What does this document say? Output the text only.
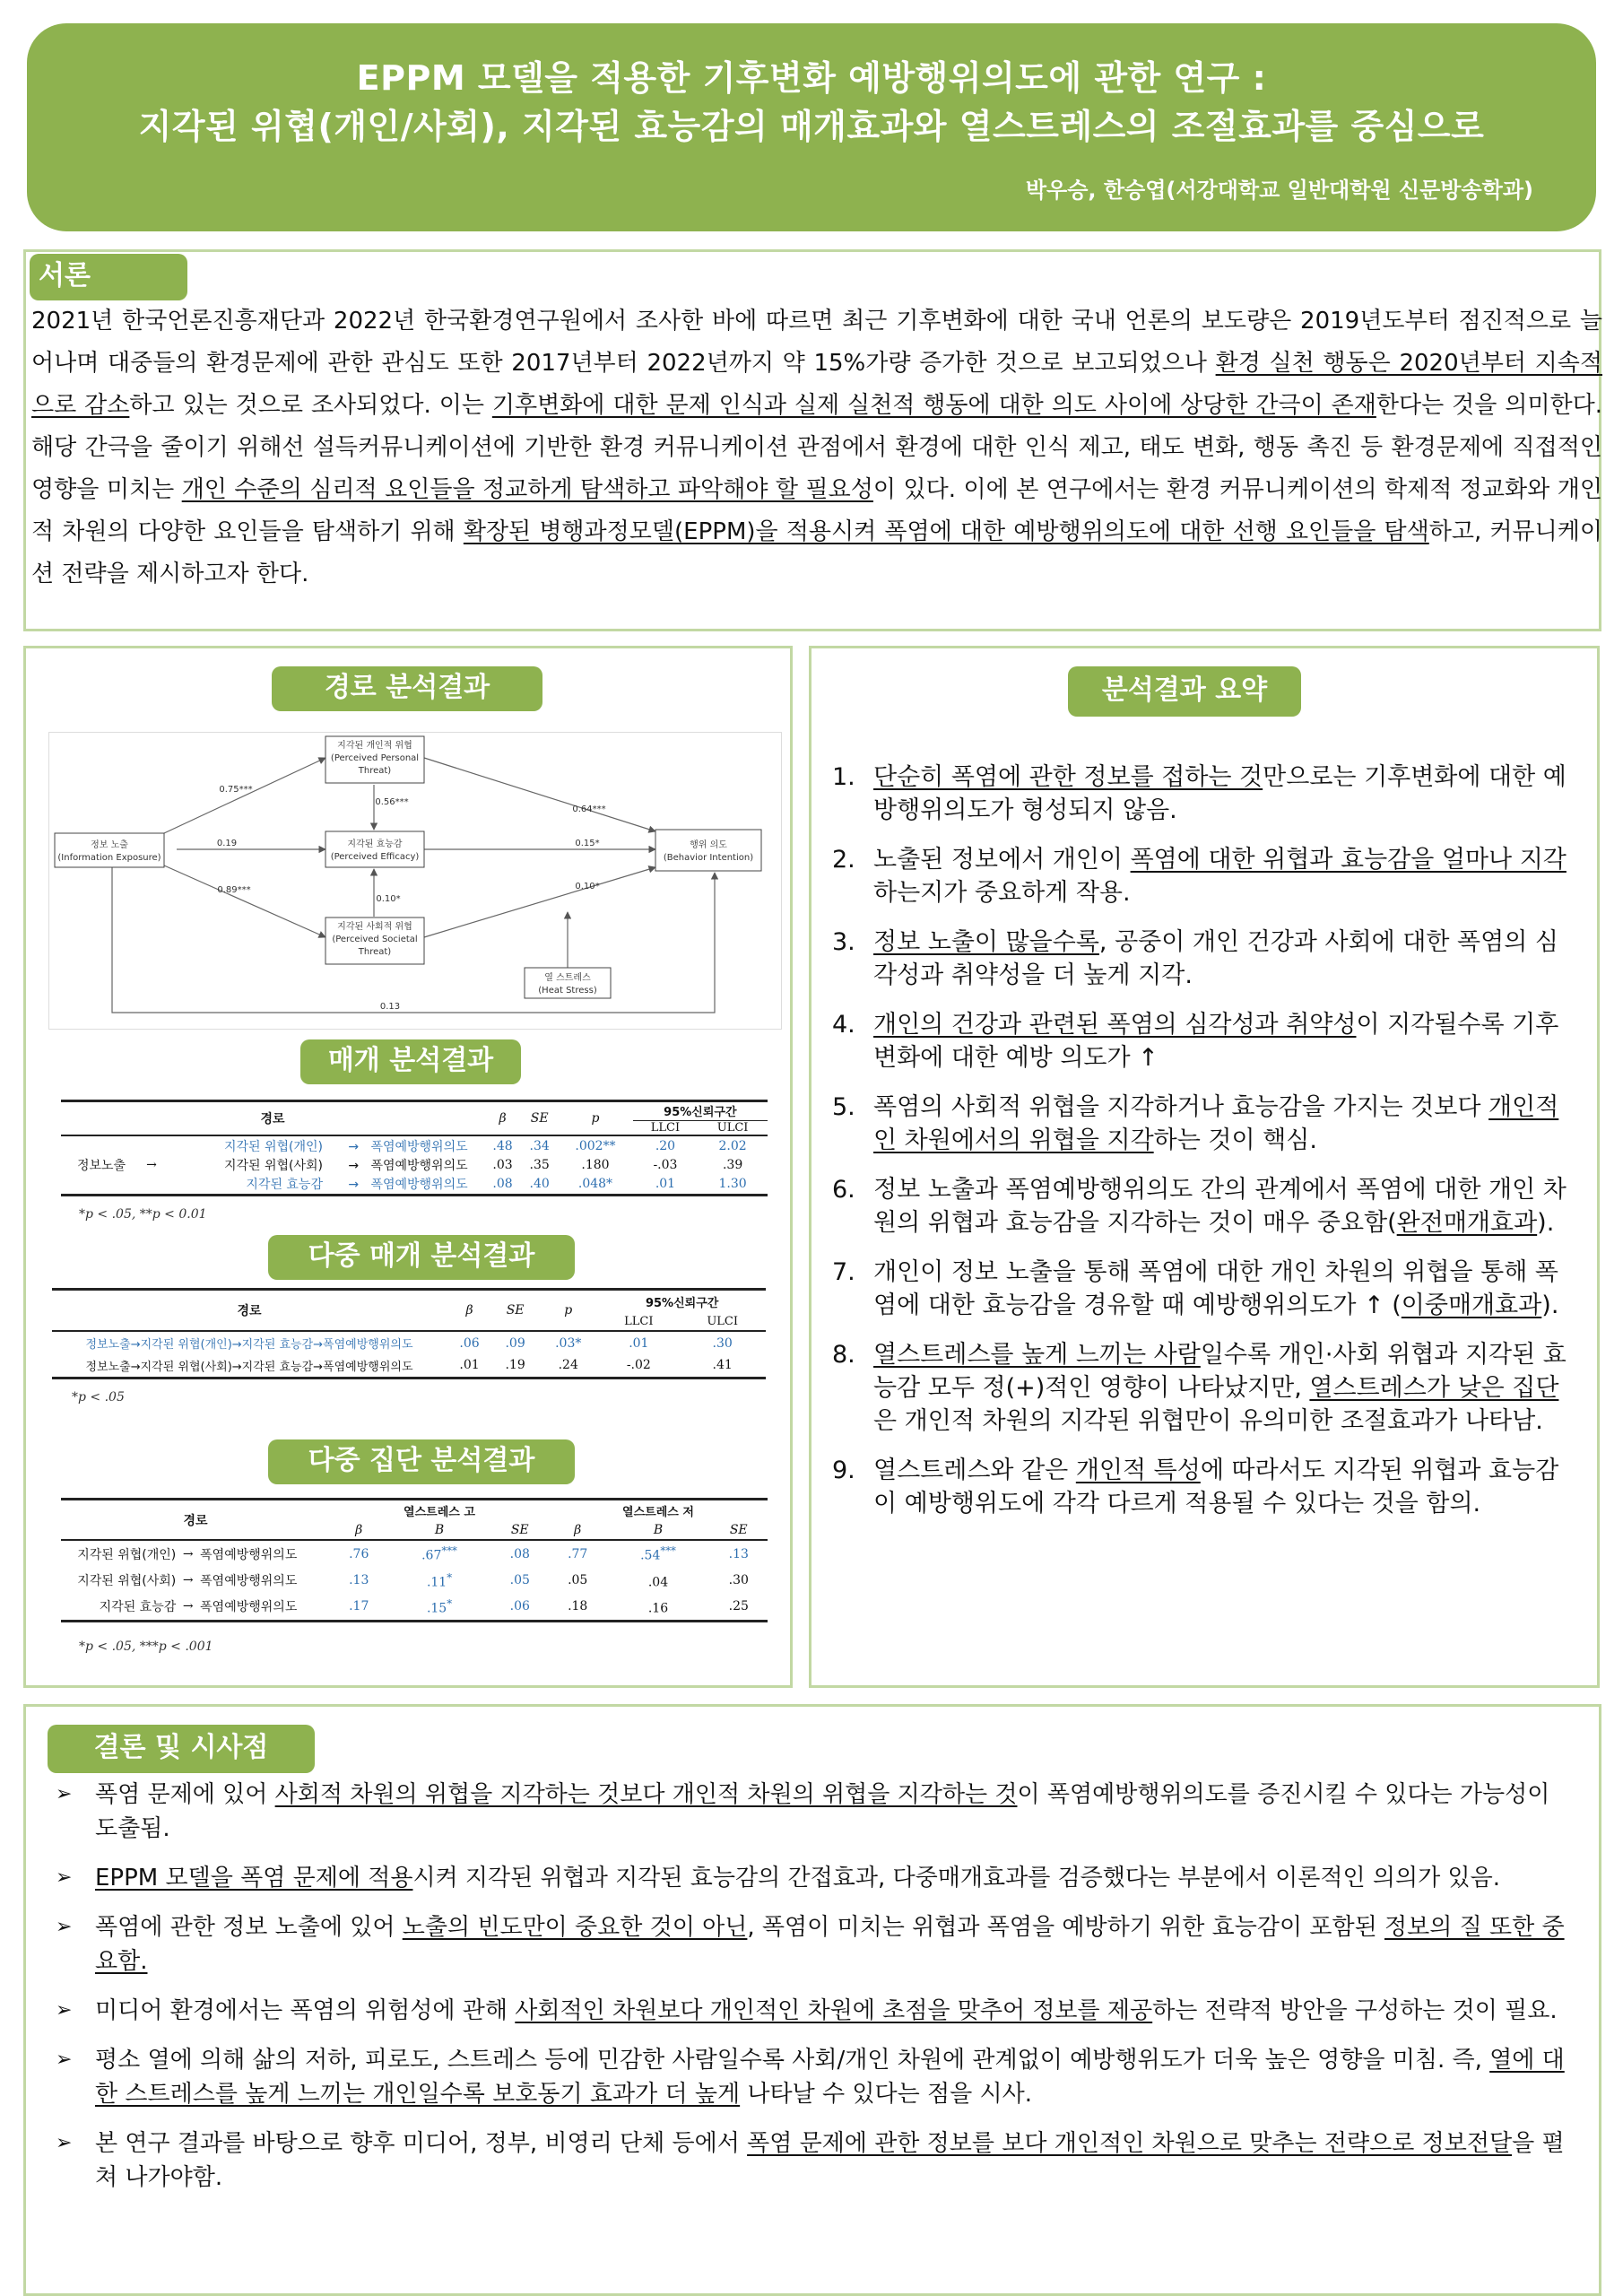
EPPM 모델을 적용한 기후변화 예방행위의도에 관한 연구 :
지각된 위협(개인/사회), 지각된 효능감의 매개효과와 열스트레스의 조절효과를 중심으로
박우승, 한승엽(서강대학교 일반대학원 신문방송학과)
서론
2021년 한국언론진흥재단과 2022년 한국환경연구원에서 조사한 바에 따르면 최근 기후변화에 대한 국내 언론의 보도량은 2019년도부터 점진적으로 늘어나며 대중들의 환경문제에 관한 관심도 또한 2017년부터 2022년까지 약 15%가량 증가한 것으로 보고되었으나 환경 실천 행동은 2020년부터 지속적으로 감소하고 있는 것으로 조사되었다. 이는 기후변화에 대한 문제 인식과 실제 실천적 행동에 대한 의도 사이에 상당한 간극이 존재한다는 것을 의미한다. 해당 간극을 줄이기 위해선 설득커뮤니케이션에 기반한 환경 커뮤니케이션 관점에서 환경에 대한 인식 제고, 태도 변화, 행동 촉진 등 환경문제에 직접적인 영향을 미치는 개인 수준의 심리적 요인들을 정교하게 탐색하고 파악해야 할 필요성이 있다. 이에 본 연구에서는 환경 커뮤니케이션의 학제적 정교화와 개인적 차원의 다양한 요인들을 탐색하기 위해 확장된 병행과정모델(EPPM)을 적용시켜 폭염에 대한 예방행위의도에 대한 선행 요인들을 탐색하고, 커뮤니케이션 전략을 제시하고자 한다.
경로 분석결과
매개 분석결과
다중 매개 분석결과
다중 집단 분석결과
지각된 개인적 위협
(Perceived Personal
Threat)
지각된 효능감
(Perceived Efficacy)
지각된 사회적 위협
(Perceived Societal
Threat)
정보 노출
(Information Exposure)
행위 의도
(Behavior Intention)
열 스트레스
(Heat Stress)
0.75***
0.19
0.89***
0.56***
0.10*
0.64***
0.15*
0.10*
0.13
경로				β	SE	p	95%신뢰구간	
							LLCI	ULCI
정보노출	→	지각된 위협(개인)	→ 폭염예방행위의도	.48	.34	.002**	.20	2.02
		지각된 위협(사회)	→ 폭염예방행위의도	.03	.35	.180	-.03	.39
		지각된 효능감	→ 폭염예방행위의도	.08	.40	.048*	.01	1.30
*p < .05, **p < 0.01
경로	β	SE	p	95%신뢰구간	
				LLCI	ULCI
정보노출→지각된 위협(개인)→지각된 효능감→폭염예방행위의도	.06	.09	.03*	.01	.30
정보노출→지각된 위협(사회)→지각된 효능감→폭염예방행위의도	.01	.19	.24	-.02	.41
*p < .05
경로			열스트레스 고			열스트레스 저		
			β	B	SE	β	B	SE
지각된 위협(개인)	→	폭염예방행위의도	.76	.67***	.08	.77	.54***	.13
지각된 위협(사회)	→	폭염예방행위의도	.13	.11*	.05	.05	.04	.30
지각된 효능감	→	폭염예방행위의도	.17	.15*	.06	.18	.16	.25
*p < .05, ***p < .001
분석결과 요약
1. 단순히 폭염에 관한 정보를 접하는 것만으로는 기후변화에 대한 예방행위의도가 형성되지 않음.
2. 노출된 정보에서 개인이 폭염에 대한 위협과 효능감을 얼마나 지각하는지가 중요하게 작용.
3. 정보 노출이 많을수록, 공중이 개인 건강과 사회에 대한 폭염의 심각성과 취약성을 더 높게 지각.
4. 개인의 건강과 관련된 폭염의 심각성과 취약성이 지각될수록 기후변화에 대한 예방 의도가 ↑
5. 폭염의 사회적 위협을 지각하거나 효능감을 가지는 것보다 개인적인 차원에서의 위협을 지각하는 것이 핵심.
6. 정보 노출과 폭염예방행위의도 간의 관계에서 폭염에 대한 개인 차원의 위협과 효능감을 지각하는 것이 매우 중요함(완전매개효과).
7. 개인이 정보 노출을 통해 폭염에 대한 개인 차원의 위협을 통해 폭염에 대한 효능감을 경유할 때 예방행위의도가 ↑ (이중매개효과).
8. 열스트레스를 높게 느끼는 사람일수록 개인·사회 위협과 지각된 효능감 모두 정(+)적인 영향이 나타났지만, 열스트레스가 낮은 집단은 개인적 차원의 지각된 위협만이 유의미한 조절효과가 나타남.
9. 열스트레스와 같은 개인적 특성에 따라서도 지각된 위협과 효능감이 예방행위도에 각각 다르게 적용될 수 있다는 것을 함의.
결론 및 시사점
➢ 폭염 문제에 있어 사회적 차원의 위협을 지각하는 것보다 개인적 차원의 위협을 지각하는 것이 폭염예방행위의도를 증진시킬 수 있다는 가능성이 도출됨.
➢ EPPM 모델을 폭염 문제에 적용시켜 지각된 위협과 지각된 효능감의 간접효과, 다중매개효과를 검증했다는 부분에서 이론적인 의의가 있음.
➢ 폭염에 관한 정보 노출에 있어 노출의 빈도만이 중요한 것이 아닌, 폭염이 미치는 위협과 폭염을 예방하기 위한 효능감이 포함된 정보의 질 또한 중요함.
➢ 미디어 환경에서는 폭염의 위험성에 관해 사회적인 차원보다 개인적인 차원에 초점을 맞추어 정보를 제공하는 전략적 방안을 구성하는 것이 필요.
➢ 평소 열에 의해 삶의 저하, 피로도, 스트레스 등에 민감한 사람일수록 사회/개인 차원에 관계없이 예방행위도가 더욱 높은 영향을 미침. 즉, 열에 대한 스트레스를 높게 느끼는 개인일수록 보호동기 효과가 더 높게 나타날 수 있다는 점을 시사.
➢ 본 연구 결과를 바탕으로 향후 미디어, 정부, 비영리 단체 등에서 폭염 문제에 관한 정보를 보다 개인적인 차원으로 맞추는 전략으로 정보전달을 펼쳐 나가야함.
